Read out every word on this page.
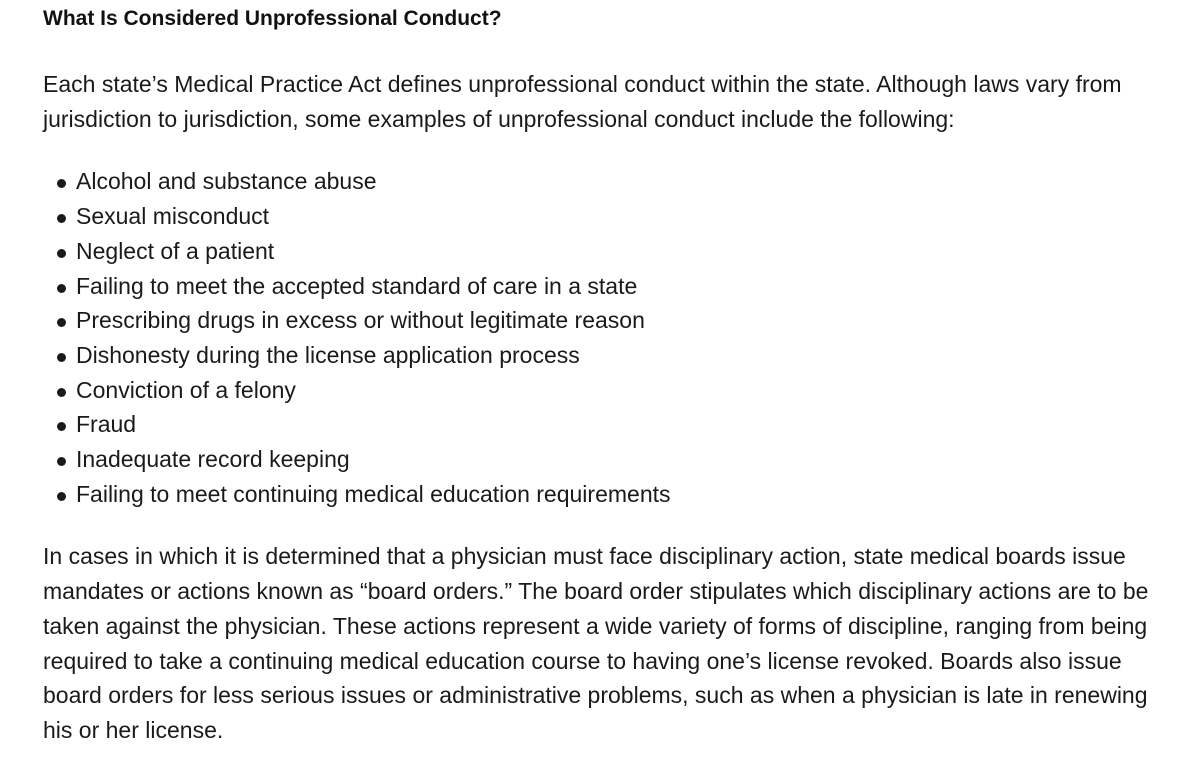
What Is Considered Unprofessional Conduct?

Each state’s Medical Practice Act defines unprofessional conduct within the state. Although laws vary from jurisdiction to jurisdiction, some examples of unprofessional conduct include the following:

Alcohol and substance abuse
Sexual misconduct
Neglect of a patient
Failing to meet the accepted standard of care in a state
Prescribing drugs in excess or without legitimate reason
Dishonesty during the license application process
Conviction of a felony
Fraud
Inadequate record keeping
Failing to meet continuing medical education requirements

In cases in which it is determined that a physician must face disciplinary action, state medical boards issue mandates or actions known as “board orders.” The board order stipulates which disciplinary actions are to be taken against the physician. These actions represent a wide variety of forms of discipline, ranging from being required to take a continuing medical education course to having one’s license revoked. Boards also issue board orders for less serious issues or administrative problems, such as when a physician is late in renewing his or her license.
